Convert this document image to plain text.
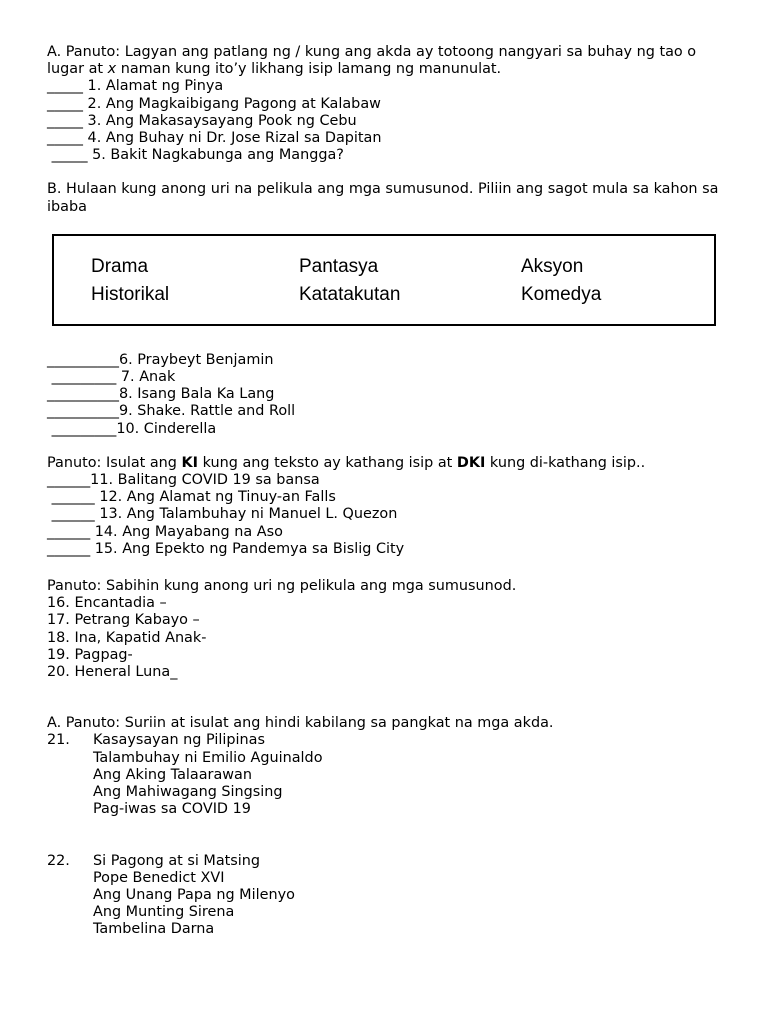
A. Panuto: Lagyan ang patlang ng / kung ang akda ay totoong nangyari sa buhay ng tao o lugar at x naman kung ito’y likhang isip lamang ng manunulat.
_____ 1. Alamat ng Pinya
_____ 2. Ang Magkaibigang Pagong at Kalabaw
_____ 3. Ang Makasaysayang Pook ng Cebu
_____ 4. Ang Buhay ni Dr. Jose Rizal sa Dapitan
_____ 5. Bakit Nagkabunga ang Mangga?
B. Hulaan kung anong uri na pelikula ang mga sumusunod. Piliin ang sagot mula sa kahon sa ibaba
__________6. Praybeyt Benjamin
_________ 7. Anak
__________8. Isang Bala Ka Lang
__________9. Shake. Rattle and Roll
_________10. Cinderella
Panuto: Isulat ang KI kung ang teksto ay kathang isip at DKI kung di-kathang isip..
______11. Balitang COVID 19 sa bansa
______ 12. Ang Alamat ng Tinuy-an Falls
______ 13. Ang Talambuhay ni Manuel L. Quezon
______ 14. Ang Mayabang na Aso
______ 15. Ang Epekto ng Pandemya sa Bislig City
Panuto: Sabihin kung anong uri ng pelikula ang mga sumusunod.
16. Encantadia –
17. Petrang Kabayo –
18. Ina, Kapatid Anak-
19. Pagpag-
20. Heneral Luna_
A. Panuto: Suriin at isulat ang hindi kabilang sa pangkat na mga akda.
21. Kasaysayan ng Pilipinas
Talambuhay ni Emilio Aguinaldo
Ang Aking Talaarawan
Ang Mahiwagang Singsing
Pag-iwas sa COVID 19
22. Si Pagong at si Matsing
Pope Benedict XVI
Ang Unang Papa ng Milenyo
Ang Munting Sirena
Tambelina Darna
Drama	Pantasya	Aksyon
Historikal	Katatakutan	Komedya
